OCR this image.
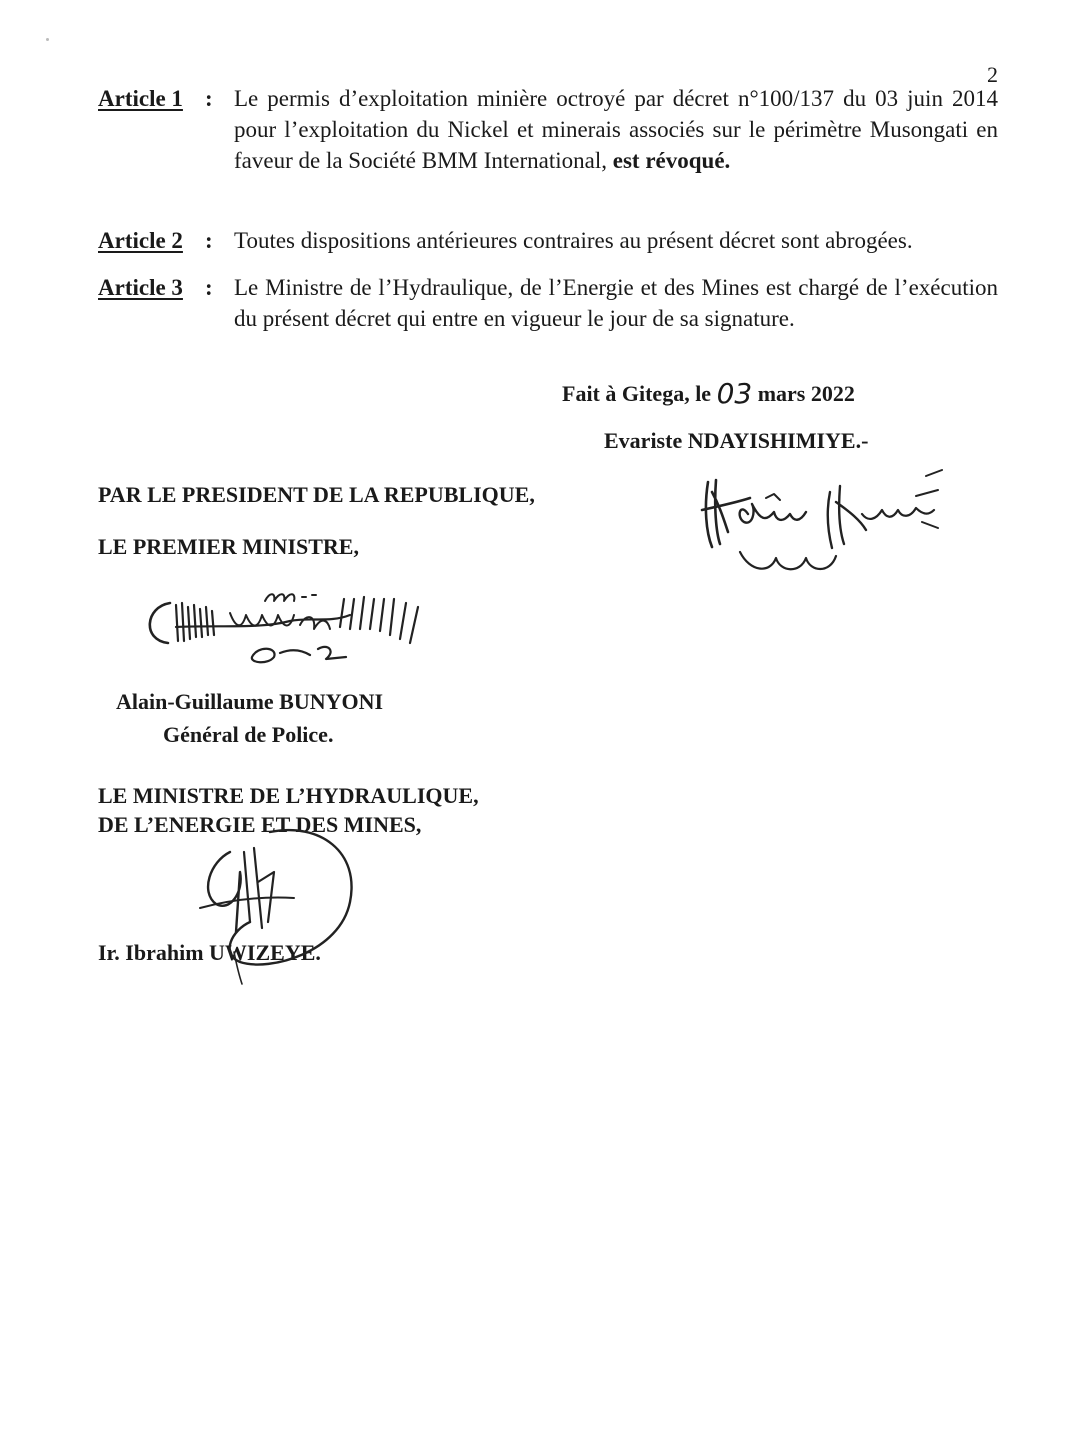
2
Article 1 : Le permis d’exploitation minière octroyé par décret n°100/137 du 03 juin 2014 pour l’exploitation du Nickel et minerais associés sur le périmètre Musongati en faveur de la Société BMM International, est révoqué.
Article 2 : Toutes dispositions antérieures contraires au présent décret sont abrogées.
Article 3 : Le Ministre de l’Hydraulique, de l’Energie et des Mines est chargé de l’exécution du présent décret qui entre en vigueur le jour de sa signature.
Fait à Gitega, le 03 mars 2022
Evariste NDAYISHIMIYE.-
PAR LE PRESIDENT DE LA REPUBLIQUE,
LE PREMIER MINISTRE,
Alain-Guillaume BUNYONI
Général de Police.
LE MINISTRE DE L’HYDRAULIQUE,
DE L’ENERGIE ET DES MINES,
Ir. Ibrahim UWIZEYE.
